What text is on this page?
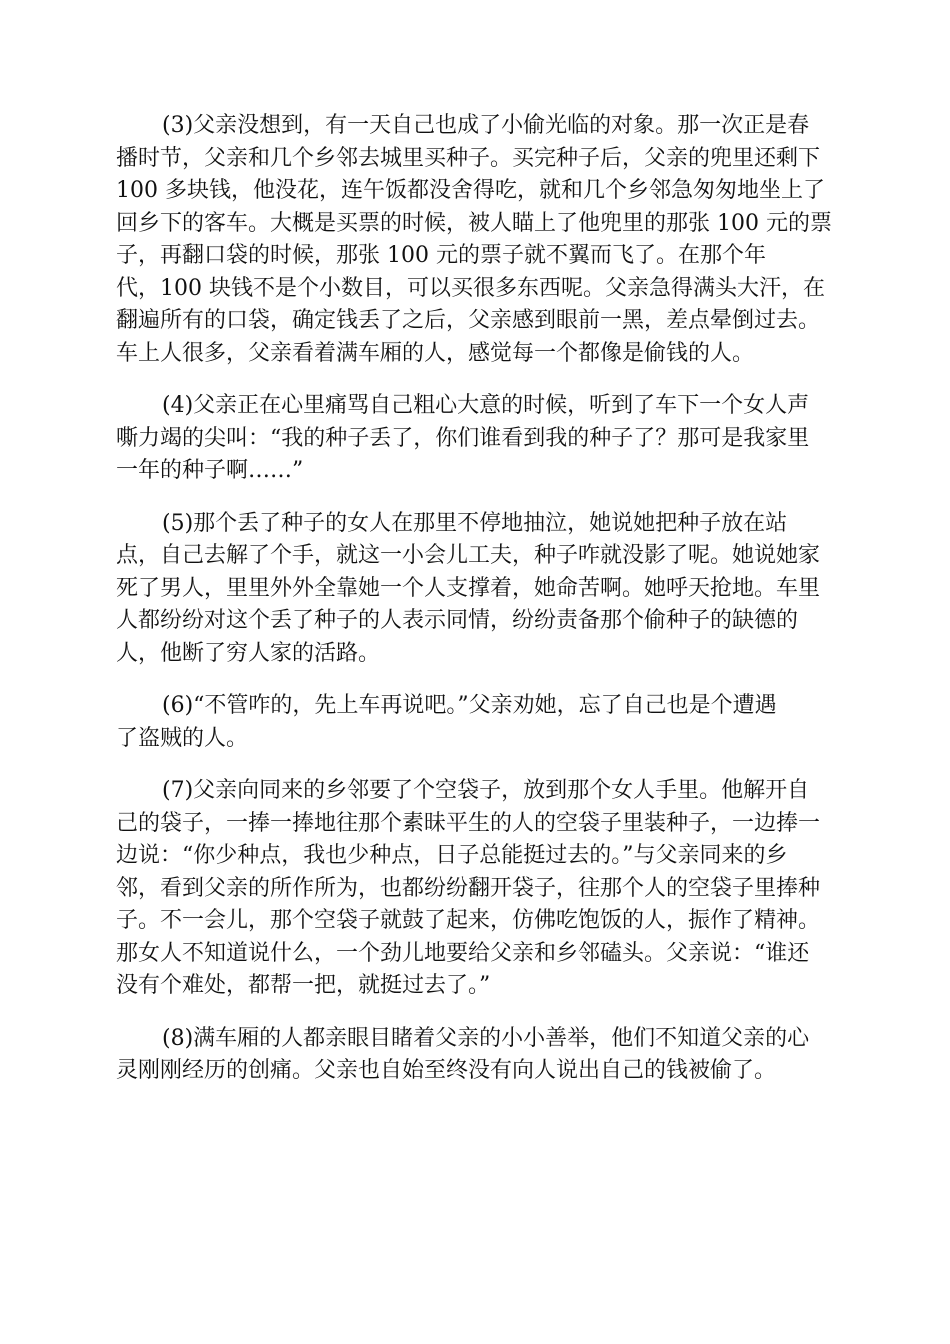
(3)父亲没想到，有一天自己也成了小偷光临的对象。那一次正是春
播时节，父亲和几个乡邻去城里买种子。买完种子后，父亲的兜里还剩下
100 多块钱，他没花，连午饭都没舍得吃，就和几个乡邻急匆匆地坐上了
回乡下的客车。大概是买票的时候，被人瞄上了他兜里的那张 100 元的票
子，再翻口袋的时候，那张 100 元的票子就不翼而飞了。在那个年
代，100 块钱不是个小数目，可以买很多东西呢。父亲急得满头大汗，在
翻遍所有的口袋，确定钱丢了之后，父亲感到眼前一黑，差点晕倒过去。
车上人很多，父亲看着满车厢的人，感觉每一个都像是偷钱的人。

(4)父亲正在心里痛骂自己粗心大意的时候，听到了车下一个女人声
嘶力竭的尖叫：“我的种子丢了，你们谁看到我的种子了？那可是我家里
一年的种子啊……”

(5)那个丢了种子的女人在那里不停地抽泣，她说她把种子放在站
点，自己去解了个手，就这一小会儿工夫，种子咋就没影了呢。她说她家
死了男人，里里外外全靠她一个人支撑着，她命苦啊。她呼天抢地。车里
人都纷纷对这个丢了种子的人表示同情，纷纷责备那个偷种子的缺德的
人，他断了穷人家的活路。

(6)“不管咋的，先上车再说吧。”父亲劝她，忘了自己也是个遭遇
了盗贼的人。

(7)父亲向同来的乡邻要了个空袋子，放到那个女人手里。他解开自
己的袋子，一捧一捧地往那个素昧平生的人的空袋子里装种子，一边捧一
边说：“你少种点，我也少种点，日子总能挺过去的。”与父亲同来的乡
邻，看到父亲的所作所为，也都纷纷翻开袋子，往那个人的空袋子里捧种
子。不一会儿，那个空袋子就鼓了起来，仿佛吃饱饭的人，振作了精神。
那女人不知道说什么，一个劲儿地要给父亲和乡邻磕头。父亲说：“谁还
没有个难处，都帮一把，就挺过去了。”

(8)满车厢的人都亲眼目睹着父亲的小小善举，他们不知道父亲的心
灵刚刚经历的创痛。父亲也自始至终没有向人说出自己的钱被偷了。
